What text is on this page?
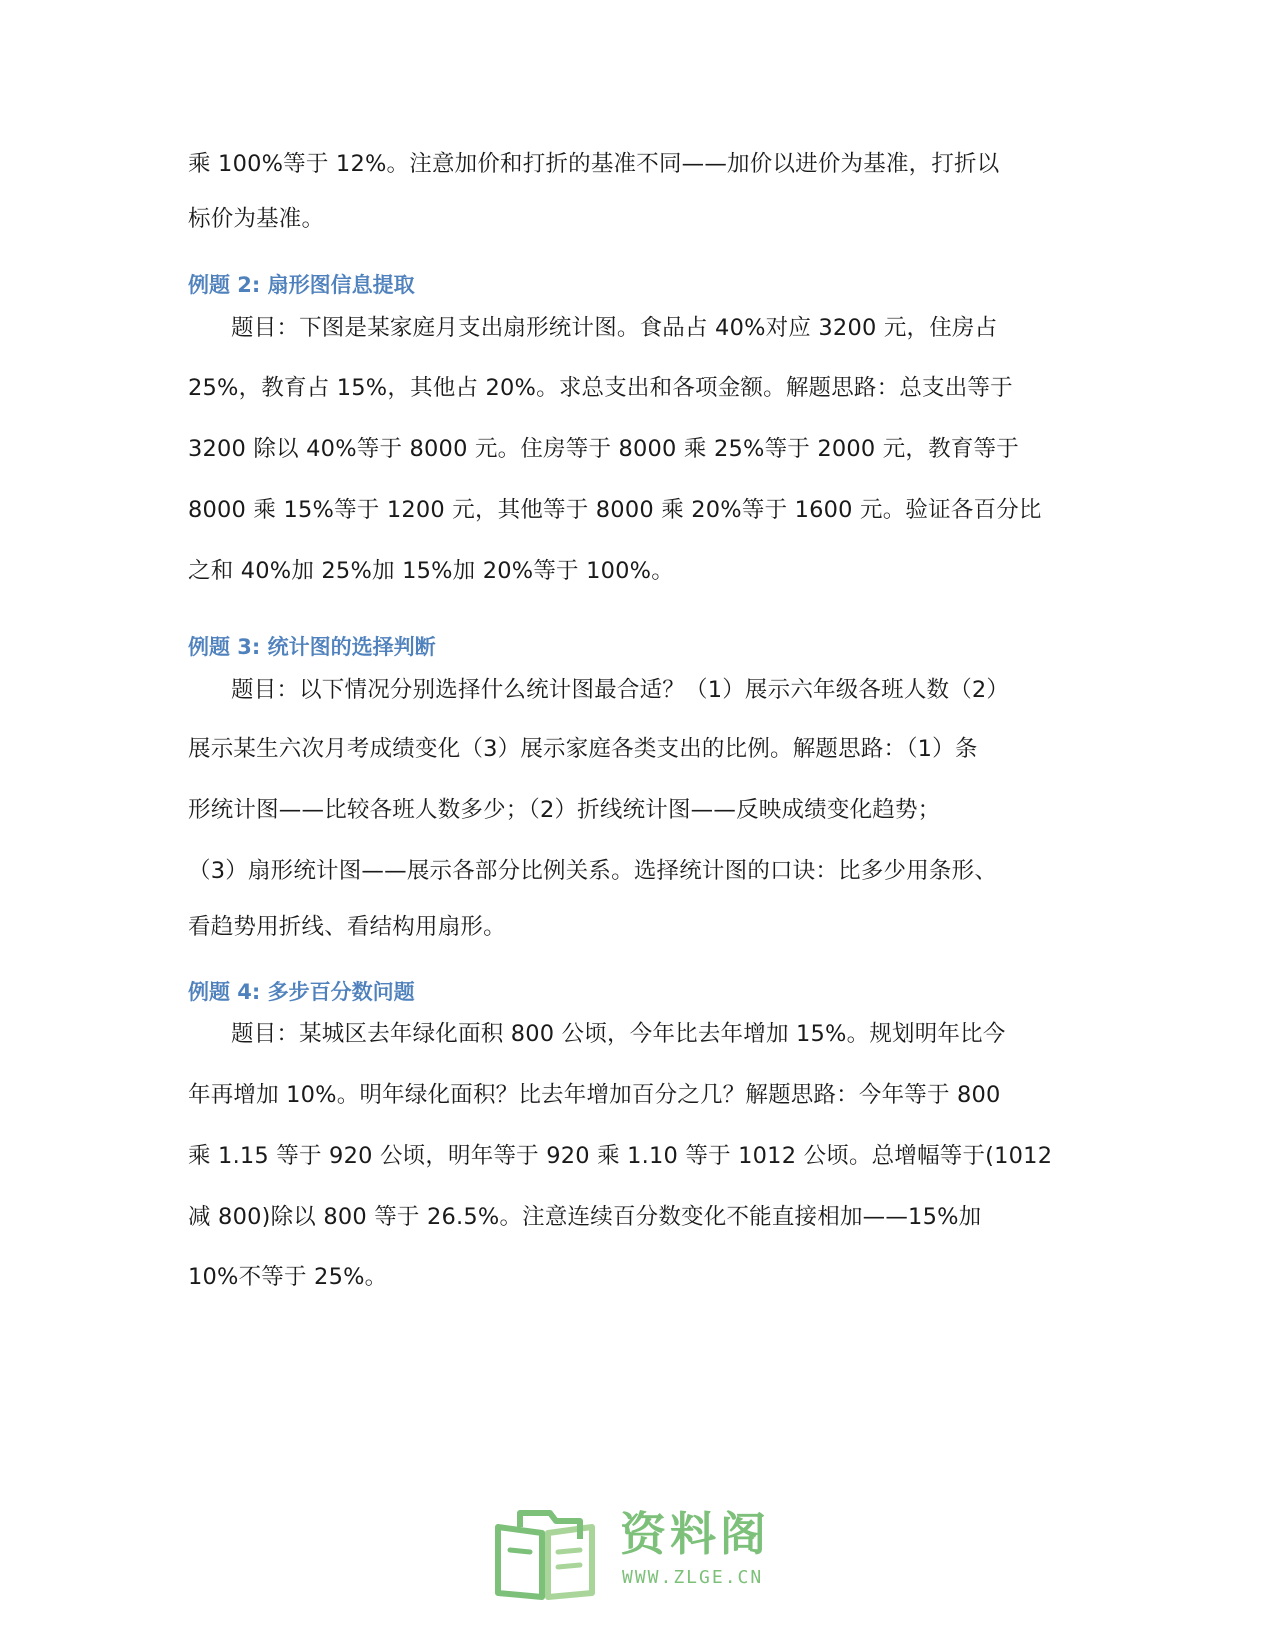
乘 100%等于 12%。注意加价和打折的基准不同——加价以进价为基准，打折以
标价为基准。
例题 2: 扇形图信息提取
题目：下图是某家庭月支出扇形统计图。食品占 40%对应 3200 元，住房占
25%，教育占 15%，其他占 20%。求总支出和各项金额。解题思路：总支出等于
3200 除以 40%等于 8000 元。住房等于 8000 乘 25%等于 2000 元，教育等于
8000 乘 15%等于 1200 元，其他等于 8000 乘 20%等于 1600 元。验证各百分比
之和 40%加 25%加 15%加 20%等于 100%。
例题 3: 统计图的选择判断
题目：以下情况分别选择什么统计图最合适？（1）展示六年级各班人数（2）
展示某生六次月考成绩变化（3）展示家庭各类支出的比例。解题思路：（1）条
形统计图——比较各班人数多少；（2）折线统计图——反映成绩变化趋势；
（3）扇形统计图——展示各部分比例关系。选择统计图的口诀：比多少用条形、
看趋势用折线、看结构用扇形。
例题 4: 多步百分数问题
题目：某城区去年绿化面积 800 公顷，今年比去年增加 15%。规划明年比今
年再增加 10%。明年绿化面积？比去年增加百分之几？解题思路：今年等于 800
乘 1.15 等于 920 公顷，明年等于 920 乘 1.10 等于 1012 公顷。总增幅等于(1012
减 800)除以 800 等于 26.5%。注意连续百分数变化不能直接相加——15%加
10%不等于 25%。
资料阁
WWW.ZLGE.CN
